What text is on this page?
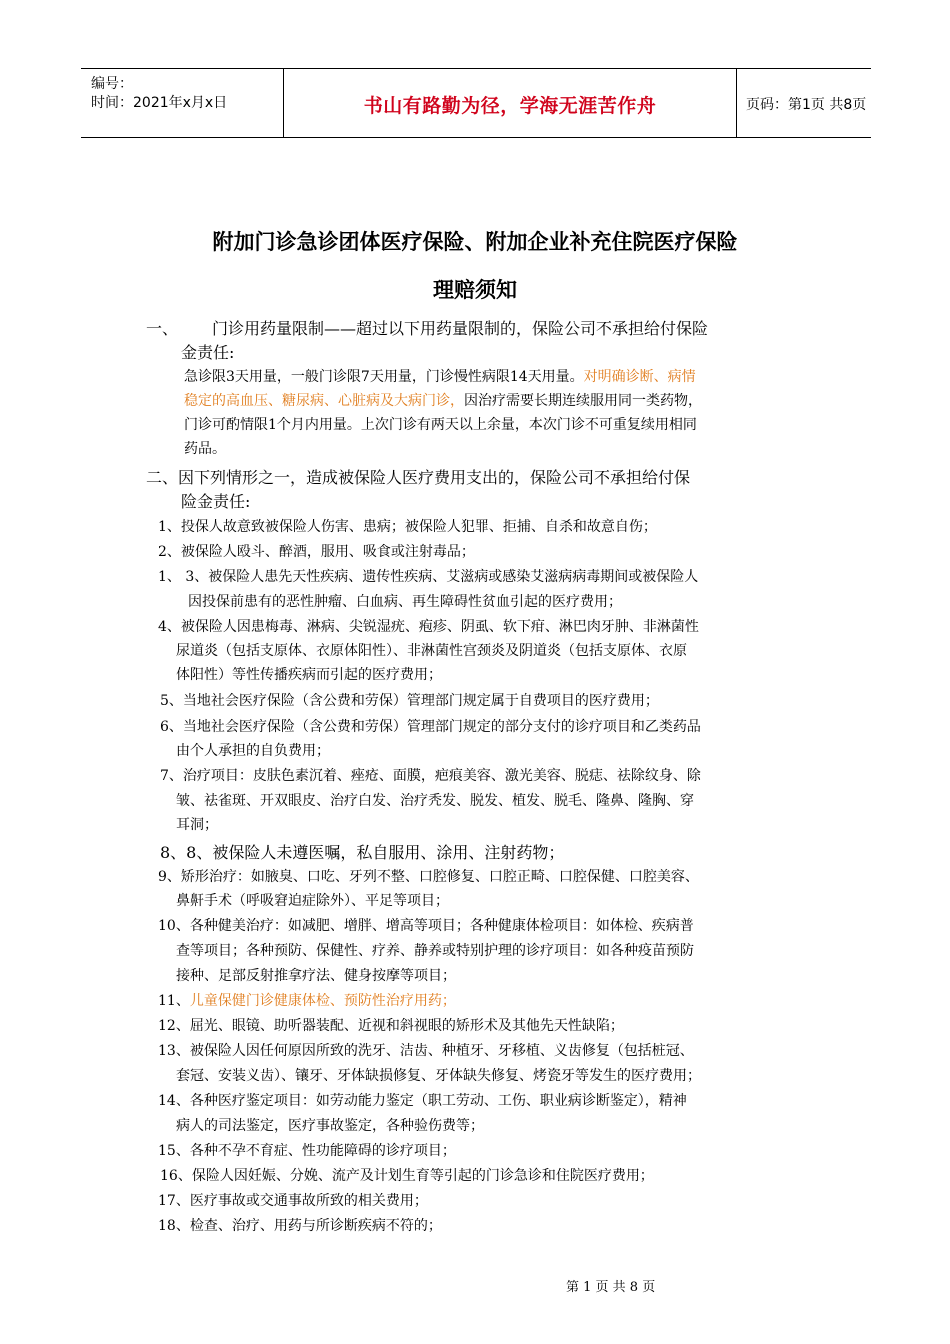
编号：
时间：2021年x月x日	书山有路勤为径，学海无涯苦作舟	页码：第1页 共8页
附加门诊急诊团体医疗保险、附加企业补充住院医疗保险
理赔须知
一、 门诊用药量限制——超过以下用药量限制的，保险公司不承担给付保险
金责任:
急诊限3天用量，一般门诊限7天用量，门诊慢性病限14天用量。对明确诊断、病情
稳定的高血压、糖尿病、心脏病及大病门诊，因治疗需要长期连续服用同一类药物，
门诊可酌情限1个月内用量。上次门诊有两天以上余量，本次门诊不可重复续用相同
药品。
二、因下列情形之一，造成被保险人医疗费用支出的，保险公司不承担给付保
险金责任:
1、投保人故意致被保险人伤害、患病；被保险人犯罪、拒捕、自杀和故意自伤；
2、被保险人殴斗、醉酒，服用、吸食或注射毒品；
1、 3、被保险人患先天性疾病、遗传性疾病、艾滋病或感染艾滋病病毒期间或被保险人
因投保前患有的恶性肿瘤、白血病、再生障碍性贫血引起的医疗费用；
4、被保险人因患梅毒、淋病、尖锐湿疣、疱疹、阴虱、软下疳、淋巴肉牙肿、非淋菌性
尿道炎（包括支原体、衣原体阳性）、非淋菌性宫颈炎及阴道炎（包括支原体、衣原
体阳性）等性传播疾病而引起的医疗费用；
5、当地社会医疗保险（含公费和劳保）管理部门规定属于自费项目的医疗费用；
6、当地社会医疗保险（含公费和劳保）管理部门规定的部分支付的诊疗项目和乙类药品
由个人承担的自负费用；
7、治疗项目：皮肤色素沉着、痤疮、面膜，疤痕美容、激光美容、脱痣、祛除纹身、除
皱、祛雀斑、开双眼皮、治疗白发、治疗秃发、脱发、植发、脱毛、隆鼻、隆胸、穿
耳洞；
8、8、被保险人未遵医嘱，私自服用、涂用、注射药物；
9、矫形治疗：如腋臭、口吃、牙列不整、口腔修复、口腔正畸、口腔保健、口腔美容、
鼻鼾手术（呼吸窘迫症除外）、平足等项目；
10、各种健美治疗：如减肥、增胖、增高等项目；各种健康体检项目：如体检、疾病普
查等项目；各种预防、保健性、疗养、静养或特别护理的诊疗项目：如各种疫苗预防
接种、足部反射推拿疗法、健身按摩等项目；
11、儿童保健门诊健康体检、预防性治疗用药；
12、屈光、眼镜、助听器装配、近视和斜视眼的矫形术及其他先天性缺陷；
13、被保险人因任何原因所致的洗牙、洁齿、种植牙、牙移植、义齿修复（包括桩冠、
套冠、安装义齿）、镶牙、牙体缺损修复、牙体缺失修复、烤瓷牙等发生的医疗费用；
14、各种医疗鉴定项目：如劳动能力鉴定（职工劳动、工伤、职业病诊断鉴定），精神
病人的司法鉴定，医疗事故鉴定，各种验伤费等；
15、各种不孕不育症、性功能障碍的诊疗项目；
16、保险人因妊娠、分娩、流产及计划生育等引起的门诊急诊和住院医疗费用；
17、医疗事故或交通事故所致的相关费用；
18、检查、治疗、用药与所诊断疾病不符的；
第 1 页 共 8 页
